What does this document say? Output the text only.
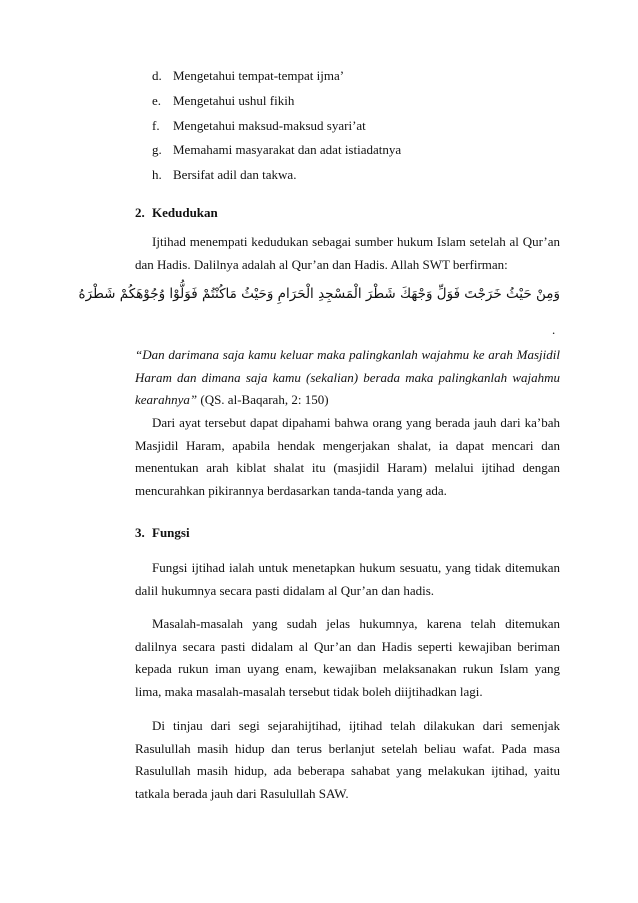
d. Mengetahui tempat-tempat ijma’
e. Mengetahui ushul fikih
f. Mengetahui maksud-maksud syari’at
g. Memahami masyarakat dan adat istiadatnya
h. Bersifat adil dan takwa.
2. Kedudukan

Ijtihad menempati kedudukan sebagai sumber hukum Islam setelah al Qur’an dan Hadis. Dalilnya adalah al Qur’an dan Hadis. Allah SWT berfirman:

وَمِنْ حَيْثُ خَرَجْتَ فَوَلِّ وَجْهَكَ شَطْرَ الْمَسْجِدِ الْحَرَامِ وَحَيْثُ مَاكُنْتُمْ فَوَلُّوْا وُجُوْهَكُمْ شَطْرَهُ
.

“Dan darimana saja kamu keluar maka palingkanlah wajahmu ke arah Masjidil Haram dan dimana saja kamu (sekalian) berada maka palingkanlah wajahmu kearahnya” (QS. al-Baqarah, 2: 150)

Dari ayat tersebut dapat dipahami bahwa orang yang berada jauh dari ka’bah Masjidil Haram, apabila hendak mengerjakan shalat, ia dapat mencari dan menentukan arah kiblat shalat itu (masjidil Haram) melalui ijtihad dengan mencurahkan pikirannya berdasarkan tanda-tanda yang ada.

3. Fungsi

Fungsi ijtihad ialah untuk menetapkan hukum sesuatu, yang tidak ditemukan dalil hukumnya secara pasti didalam al Qur’an dan hadis.

Masalah-masalah yang sudah jelas hukumnya, karena telah ditemukan dalilnya secara pasti didalam al Qur’an dan Hadis seperti kewajiban beriman kepada rukun iman uyang enam, kewajiban melaksanakan rukun Islam yang lima, maka masalah-masalah tersebut tidak boleh diijtihadkan lagi.

Di tinjau dari segi sejarahijtihad, ijtihad telah dilakukan dari semenjak Rasulullah masih hidup dan terus berlanjut setelah beliau wafat. Pada masa Rasulullah masih hidup, ada beberapa sahabat yang melakukan ijtihad, yaitu tatkala berada jauh dari Rasulullah SAW.
